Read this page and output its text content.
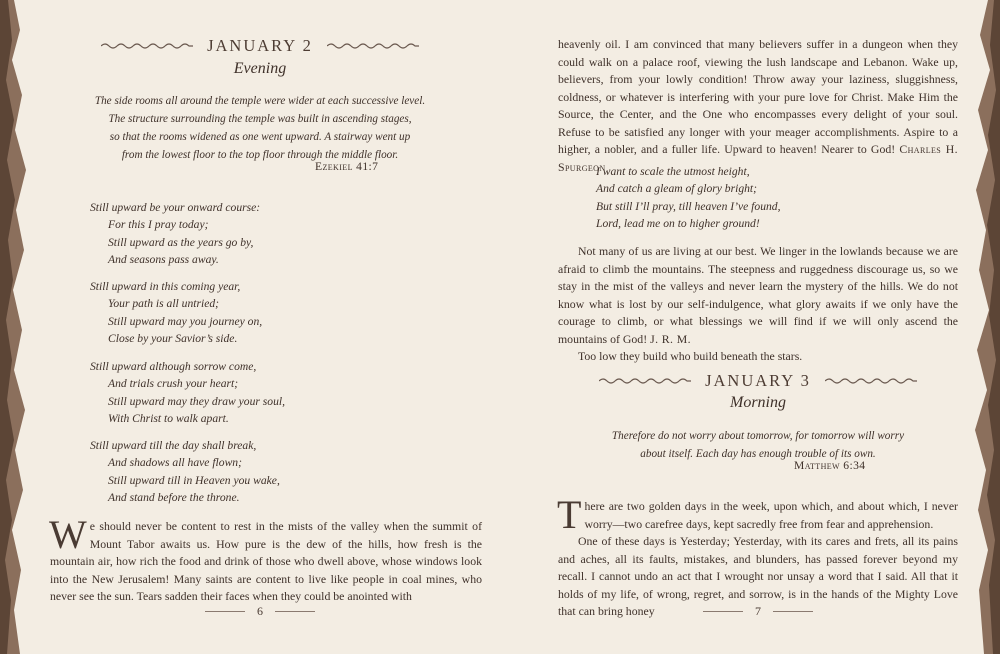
JANUARY 2
Evening
The side rooms all around the temple were wider at each successive level.
The structure surrounding the temple was built in ascending stages,
so that the rooms widened as one went upward. A stairway went up
from the lowest floor to the top floor through the middle floor.
Ezekiel 41:7
Still upward be your onward course:
For this I pray today;
Still upward as the years go by,
And seasons pass away.
Still upward in this coming year,
Your path is all untried;
Still upward may you journey on,
Close by your Savior’s side.
Still upward although sorrow come,
And trials crush your heart;
Still upward may they draw your soul,
With Christ to walk apart.
Still upward till the day shall break,
And shadows all have flown;
Still upward till in Heaven you wake,
And stand before the throne.

We should never be content to rest in the mists of the valley when the summit of Mount Tabor awaits us. How pure is the dew of the hills, how fresh is the mountain air, how rich the food and drink of those who dwell above, whose windows look into the New Jerusalem! Many saints are content to live like people in coal mines, who never see the sun. Tears sadden their faces when they could be anointed with

6

heavenly oil. I am convinced that many believers suffer in a dungeon when they could walk on a palace roof, viewing the lush landscape and Lebanon. Wake up, believers, from your lowly condition! Throw away your laziness, sluggishness, coldness, or whatever is interfering with your pure love for Christ. Make Him the Source, the Center, and the One who encompasses every delight of your soul. Refuse to be satisfied any longer with your meager accomplishments. Aspire to a higher, a nobler, and a fuller life. Upward to heaven! Nearer to God! Charles H. Spurgeon

I want to scale the utmost height,
And catch a gleam of glory bright;
But still I’ll pray, till heaven I’ve found,
Lord, lead me on to higher ground!

Not many of us are living at our best. We linger in the lowlands because we are afraid to climb the mountains. The steepness and ruggedness discourage us, so we stay in the mist of the valleys and never learn the mystery of the hills. We do not know what is lost by our self-indulgence, what glory awaits if we only have the courage to climb, or what blessings we will find if we will only ascend the mountains of God! J. R. M.

Too low they build who build beneath the stars.

JANUARY 3
Morning
Therefore do not worry about tomorrow, for tomorrow will worry
about itself. Each day has enough trouble of its own.
Matthew 6:34

There are two golden days in the week, upon which, and about which, I never worry—two carefree days, kept sacredly free from fear and apprehension.

One of these days is Yesterday; Yesterday, with its cares and frets, all its pains and aches, all its faults, mistakes, and blunders, has passed forever beyond my recall. I cannot undo an act that I wrought nor unsay a word that I said. All that it holds of my life, of wrong, regret, and sorrow, is in the hands of the Mighty Love that can bring honey	7
